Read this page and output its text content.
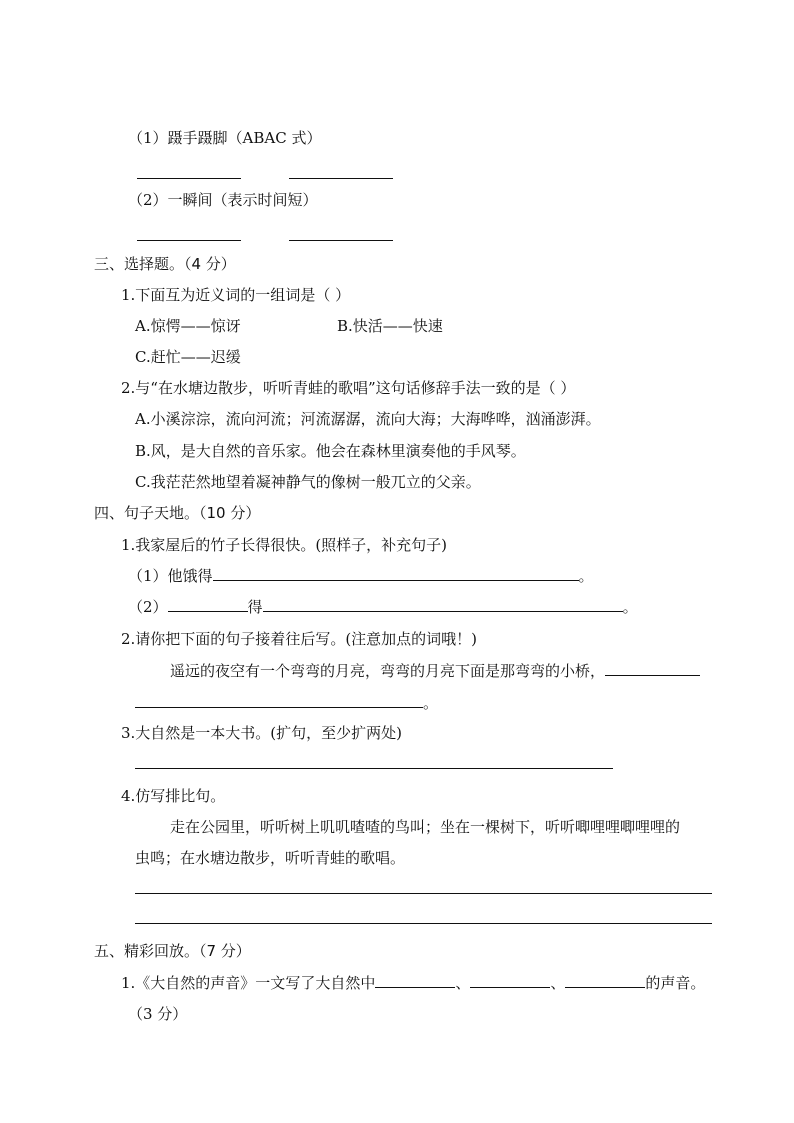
（1）蹑手蹑脚（ABAC 式）
（2）一瞬间（表示时间短）
三、选择题。（4 分）
1.下面互为近义词的一组词是（ ）
A.惊愕——惊讶	B.快活——快速
C.赶忙——迟缓
2.与“在水塘边散步，听听青蛙的歌唱”这句话修辞手法一致的是（ ）
A.小溪淙淙，流向河流；河流潺潺，流向大海；大海哗哗，汹涌澎湃。
B.风，是大自然的音乐家。他会在森林里演奏他的手风琴。
C.我茫茫然地望着凝神静气的像树一般兀立的父亲。
四、句子天地。（10 分）
1.我家屋后的竹子长得很快。(照样子，补充句子)
（1）他饿得	。
（2）	得	。
2.请你把下面的句子接着往后写。(注意加点的词哦！)
遥远的夜空有一个弯弯的月亮，弯弯的月亮下面是那弯弯的小桥，
。
3.大自然是一本大书。(扩句，至少扩两处)
4.仿写排比句。
走在公园里，听听树上叽叽喳喳的鸟叫；坐在一棵树下，听听唧哩哩唧哩哩的
虫鸣；在水塘边散步，听听青蛙的歌唱。
五、精彩回放。（7 分）
1.《大自然的声音》一文写了大自然中	、	、	的声音。
（3 分）
